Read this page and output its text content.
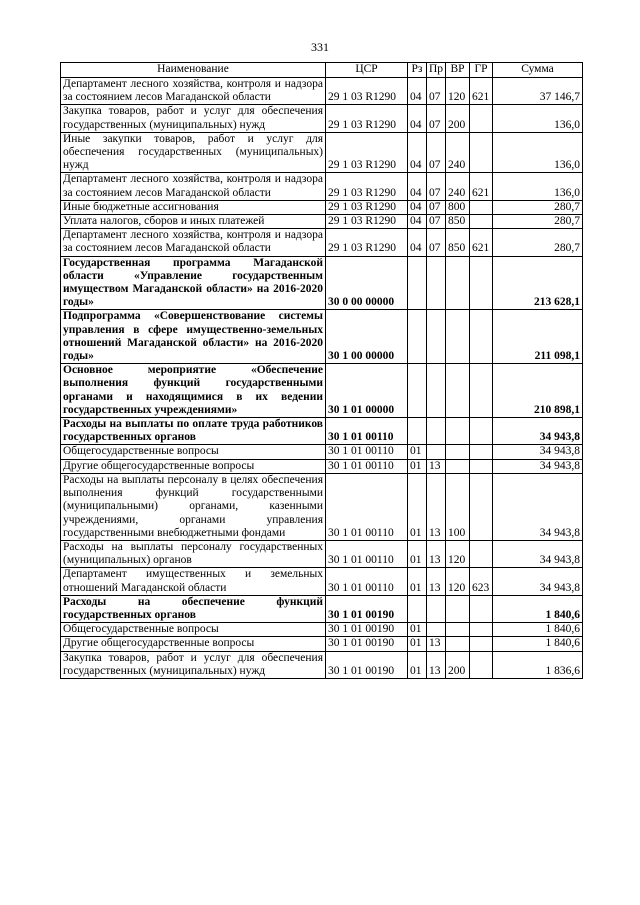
331
Наименование	ЦСР	Рз	Пр	ВР	ГР	Сумма
Департамент лесного хозяйства, контроля и надзора за состоянием лесов Магаданской области	29 1 03 R1290	04	07	120	621	37 146,7
Закупка товаров, работ и услуг для обеспечения государственных (муниципальных) нужд	29 1 03 R1290	04	07	200		136,0
Иные закупки товаров, работ и услуг для обеспечения государственных (муниципальных) нужд	29 1 03 R1290	04	07	240		136,0
Департамент лесного хозяйства, контроля и надзора за состоянием лесов Магаданской области	29 1 03 R1290	04	07	240	621	136,0
Иные бюджетные ассигнования	29 1 03 R1290	04	07	800		280,7
Уплата налогов, сборов и иных платежей	29 1 03 R1290	04	07	850		280,7
Департамент лесного хозяйства, контроля и надзора за состоянием лесов Магаданской области	29 1 03 R1290	04	07	850	621	280,7
Государственная программа Магаданской области «Управление государственным имуществом Магаданской области» на 2016-2020 годы»	30 0 00 00000					213 628,1
Подпрограмма «Совершенствование системы управления в сфере имущественно-земельных отношений Магаданской области» на 2016-2020 годы»	30 1 00 00000					211 098,1
Основное мероприятие «Обеспечение выполнения функций государственными органами и находящимися в их ведении государственных учреждениями»	30 1 01 00000					210 898,1
Расходы на выплаты по оплате труда работников государственных органов	30 1 01 00110					34 943,8
Общегосударственные вопросы	30 1 01 00110	01				34 943,8
Другие общегосударственные вопросы	30 1 01 00110	01	13			34 943,8
Расходы на выплаты персоналу в целях обеспечения выполнения функций государственными (муниципальными) органами, казенными учреждениями, органами управления государственными внебюджетными фондами	30 1 01 00110	01	13	100		34 943,8
Расходы на выплаты персоналу государственных (муниципальных) органов	30 1 01 00110	01	13	120		34 943,8
Департамент имущественных и земельных отношений Магаданской области	30 1 01 00110	01	13	120	623	34 943,8
Расходы на обеспечение функций государственных органов	30 1 01 00190					1 840,6
Общегосударственные вопросы	30 1 01 00190	01				1 840,6
Другие общегосударственные вопросы	30 1 01 00190	01	13			1 840,6
Закупка товаров, работ и услуг для обеспечения государственных (муниципальных) нужд	30 1 01 00190	01	13	200		1 836,6
